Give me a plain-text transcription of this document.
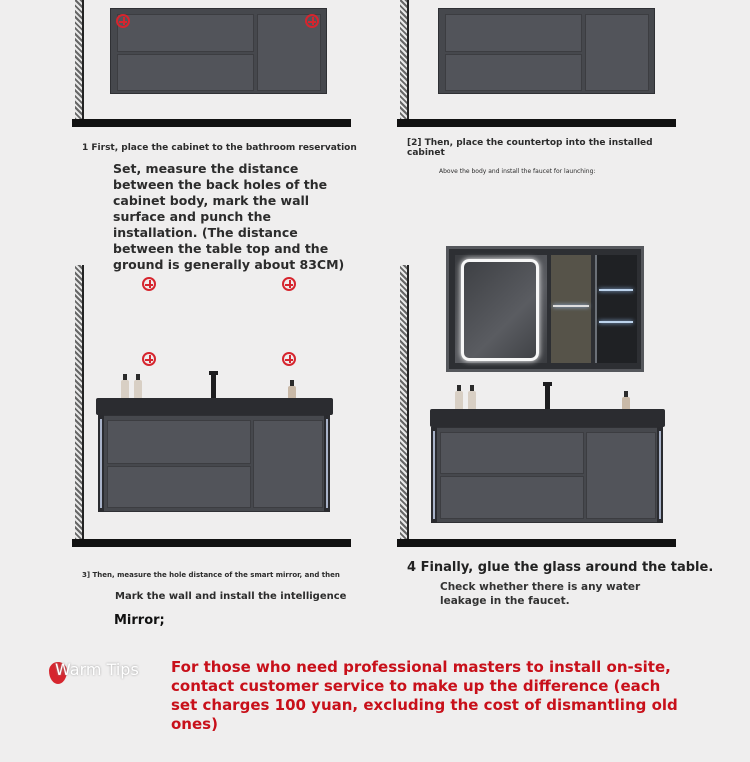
1 First, place the cabinet to the bathroom reservation
Set, measure the distance between the back holes of the cabinet body, mark the wall surface and punch the installation. (The distance between the table top and the ground is generally about 83CM)
[2] Then, place the countertop into the installed cabinet
Above the body and install the faucet for launching:
3] Then, measure the hole distance of the smart mirror, and then
Mark the wall and install the intelligence
Mirror;
4 Finally, glue the glass around the table.
Check whether there is any water leakage in the faucet.
Warm Tips For those who need professional masters to install on-site, contact customer service to make up the difference (each set charges 100 yuan, excluding the cost of dismantling old ones)
